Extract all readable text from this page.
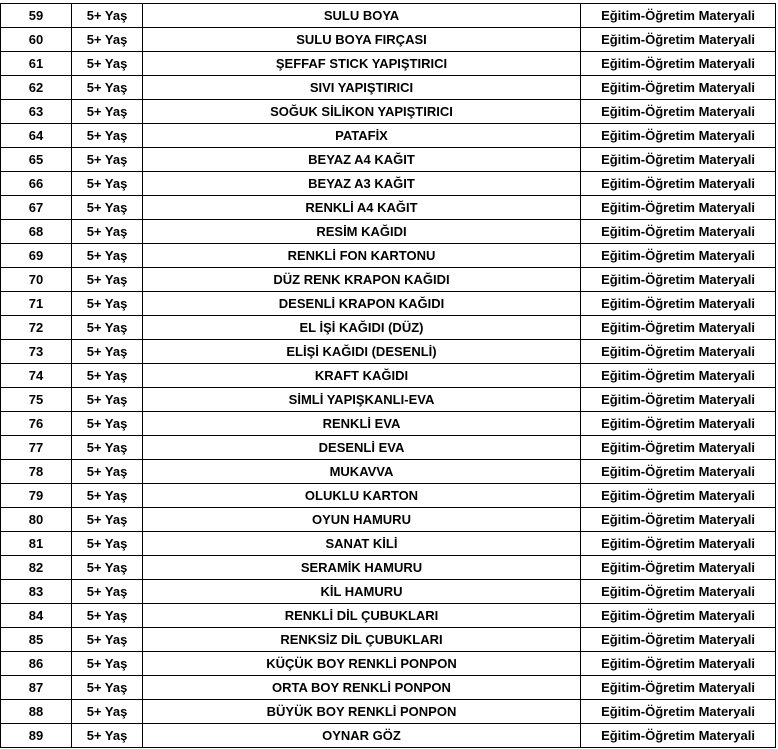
59	5+ Yaş	SULU BOYA	Eğitim-Öğretim Materyali
60	5+ Yaş	SULU BOYA FIRÇASI	Eğitim-Öğretim Materyali
61	5+ Yaş	ŞEFFAF STICK YAPIŞTIRICI	Eğitim-Öğretim Materyali
62	5+ Yaş	SIVI YAPIŞTIRICI	Eğitim-Öğretim Materyali
63	5+ Yaş	SOĞUK SİLİKON YAPIŞTIRICI	Eğitim-Öğretim Materyali
64	5+ Yaş	PATAFİX	Eğitim-Öğretim Materyali
65	5+ Yaş	BEYAZ A4 KAĞIT	Eğitim-Öğretim Materyali
66	5+ Yaş	BEYAZ A3 KAĞIT	Eğitim-Öğretim Materyali
67	5+ Yaş	RENKLİ A4 KAĞIT	Eğitim-Öğretim Materyali
68	5+ Yaş	RESİM KAĞIDI	Eğitim-Öğretim Materyali
69	5+ Yaş	RENKLİ FON KARTONU	Eğitim-Öğretim Materyali
70	5+ Yaş	DÜZ RENK KRAPON KAĞIDI	Eğitim-Öğretim Materyali
71	5+ Yaş	DESENLİ KRAPON KAĞIDI	Eğitim-Öğretim Materyali
72	5+ Yaş	EL İŞİ KAĞIDI (DÜZ)	Eğitim-Öğretim Materyali
73	5+ Yaş	ELİŞİ KAĞIDI (DESENLİ)	Eğitim-Öğretim Materyali
74	5+ Yaş	KRAFT KAĞIDI	Eğitim-Öğretim Materyali
75	5+ Yaş	SİMLİ YAPIŞKANLI-EVA	Eğitim-Öğretim Materyali
76	5+ Yaş	RENKLİ EVA	Eğitim-Öğretim Materyali
77	5+ Yaş	DESENLİ EVA	Eğitim-Öğretim Materyali
78	5+ Yaş	MUKAVVA	Eğitim-Öğretim Materyali
79	5+ Yaş	OLUKLU KARTON	Eğitim-Öğretim Materyali
80	5+ Yaş	OYUN HAMURU	Eğitim-Öğretim Materyali
81	5+ Yaş	SANAT KİLİ	Eğitim-Öğretim Materyali
82	5+ Yaş	SERAMİK HAMURU	Eğitim-Öğretim Materyali
83	5+ Yaş	KİL HAMURU	Eğitim-Öğretim Materyali
84	5+ Yaş	RENKLİ DİL ÇUBUKLARI	Eğitim-Öğretim Materyali
85	5+ Yaş	RENKSİZ DİL ÇUBUKLARI	Eğitim-Öğretim Materyali
86	5+ Yaş	KÜÇÜK BOY RENKLİ PONPON	Eğitim-Öğretim Materyali
87	5+ Yaş	ORTA BOY RENKLİ PONPON	Eğitim-Öğretim Materyali
88	5+ Yaş	BÜYÜK BOY RENKLİ PONPON	Eğitim-Öğretim Materyali
89	5+ Yaş	OYNAR GÖZ	Eğitim-Öğretim Materyali
